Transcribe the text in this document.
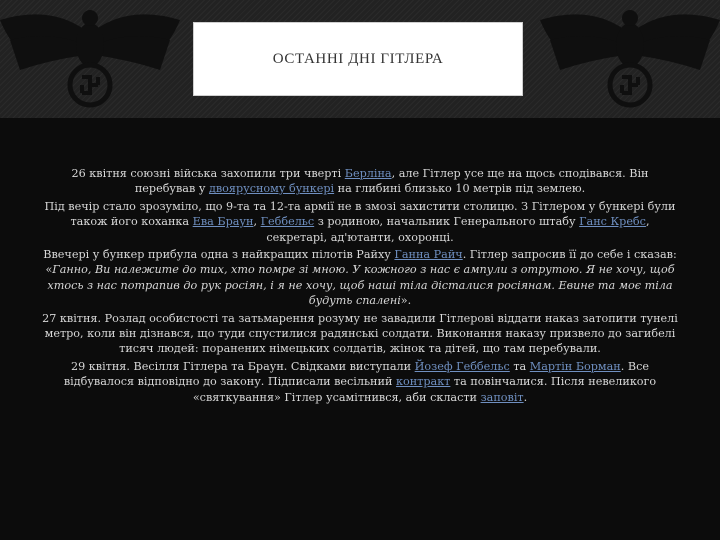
ОСТАННІ ДНІ ГІТЛЕРА

26 квітня союзні війська захопили три чверті Берліна, але Гітлер усе ще на щось сподівався. Він перебував у двоярусному бункері на глибині близько 10 метрів під землею.

Під вечір стало зрозуміло, що 9-та та 12-та армії не в змозі захистити столицю. З Гітлером у бункері були також його коханка Ева Браун, Геббельс з родиною, начальник Генерального штабу Ганс Кребс, секретарі, ад'ютанти, охоронці.

Ввечері у бункер прибула одна з найкращих пілотів Райху Ганна Райч. Гітлер запросив її до себе і сказав: «Ганно, Ви належите до тих, хто помре зі мною. У кожного з нас є ампули з отрутою. Я не хочу, щоб хтось з нас потрапив до рук росіян, і я не хочу, щоб наші тіла дісталися росіянам. Евине та моє тіла будуть спалені».

27 квітня. Розлад особистості та затьмарення розуму не завадили Гітлерові віддати наказ затопити тунелі метро, коли він дізнався, що туди спустилися радянські солдати. Виконання наказу призвело до загибелі тисяч людей: поранених німецьких солдатів, жінок та дітей, що там перебували.

29 квітня. Весілля Гітлера та Браун. Свідками виступали Йозеф Геббельс та Мартін Борман. Все відбувалося відповідно до закону. Підписали весільний контракт та повінчалися. Після невеликого «святкування» Гітлер усамітнився, аби скласти заповіт.
